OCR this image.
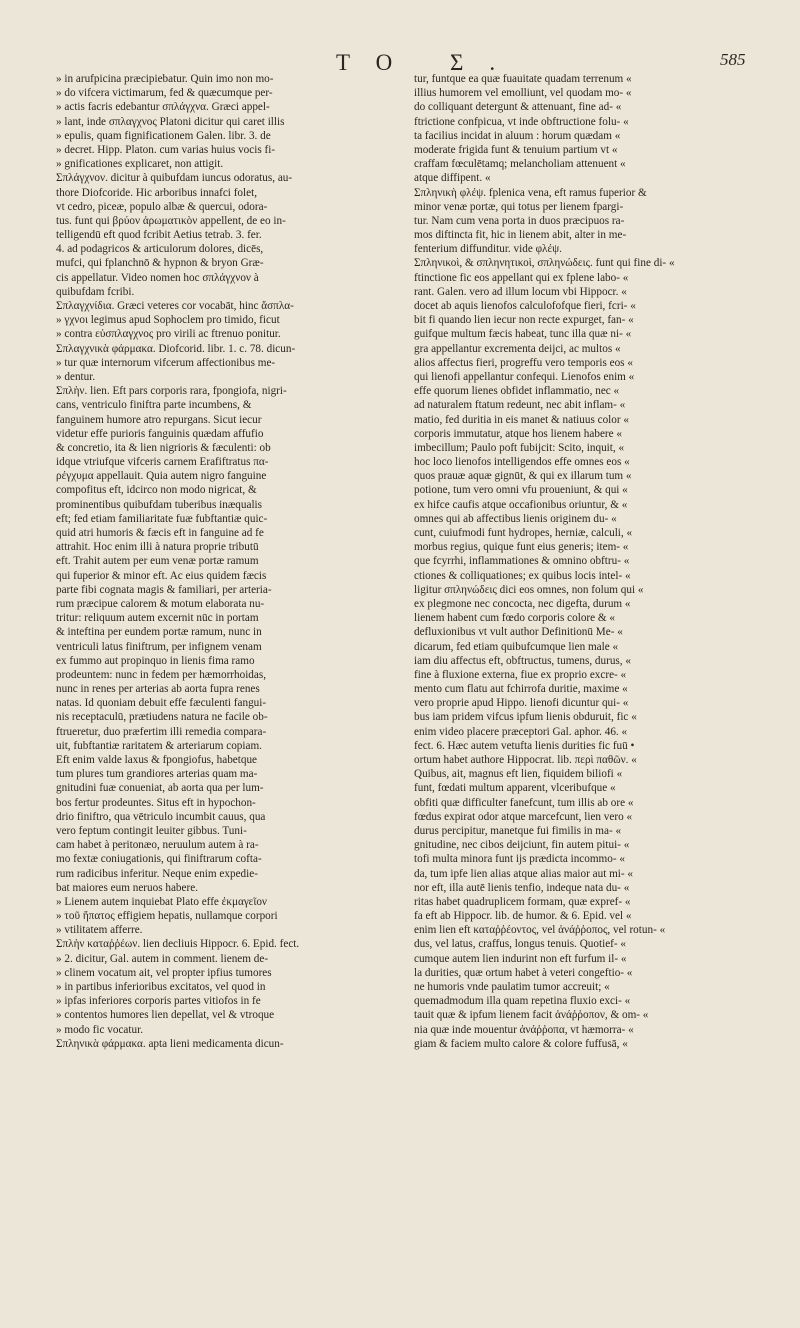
TO Σ.	585
» in arufpicina præcipiebatur. Quin imo non mo-
» do vifcera victimarum, fed & quæcumque per-
» actis facris edebantur σπλάγχνα. Græci appel-
» lant, inde σπλαγχνος Platoni dicitur qui caret illis
» epulis, quam fignificationem Galen. libr. 3. de
» decret. Hipp. Platon. cum varias huius vocis fi-
» gnificationes explicaret, non attigit.
Σπλάγχνον. dicitur à quibufdam iuncus odoratus, au-
thore Diofcoride. Hic arboribus innafci folet,
vt cedro, piceæ, populo albæ & quercui, odora-
tus. funt qui βρύον ἀρωματικὸν appellent, de eo in-
telligendū eft quod fcribit Aetius tetrab. 3. fer.
4. ad podagricos & articulorum dolores, dicēs,
mufci, qui fplanchnō & hypnon & bryon Græ-
cis appellatur. Video nomen hoc σπλάγχνον à
quibufdam fcribi.
Σπλαγχνίδια. Græci veteres cor vocabāt, hinc ἄσπλα-
» γχνοι legimus apud Sophoclem pro timido, ficut
» contra εὐσπλαγχνος pro virili ac ftrenuo ponitur.
Σπλαγχνικὰ φάρμακα. Diofcorid. libr. 1. c. 78. dicun-
» tur quæ internorum vifcerum affectionibus me-
» dentur.
Σπλὴν. lien. Eft pars corporis rara, fpongiofa, nigri-
cans, ventriculo finiftra parte incumbens, &
fanguinem humore atro repurgans. Sicut iecur
videtur effe purioris fanguinis quædam affufio
& concretio, ita & lien nigrioris & fæculenti: ob
idque vtriufque vifceris carnem Erafiftratus πα-
ρέγχυμα appellauit. Quia autem nigro fanguine
compofitus eft, idcirco non modo nigricat, &
prominentibus quibufdam tuberibus inæqualis
eft; fed etiam familiaritate fuæ fubftantiæ quic-
quid atri humoris & fæcis eft in fanguine ad fe
attrahit. Hoc enim illi à natura proprie tributū
eft. Trahit autem per eum venæ portæ ramum
qui fuperior & minor eft. Ac eius quidem fæcis
parte fibi cognata magis & familiari, per arteria-
rum præcipue calorem & motum elaborata nu-
tritur: reliquum autem excernit nūc in portam
& inteftina per eundem portæ ramum, nunc in
ventriculi latus finiftrum, per infignem venam
ex fummo aut propinquo in lienis fima ramo
prodeuntem: nunc in fedem per hæmorrhoidas,
nunc in renes per arterias ab aorta fupra renes
natas. Id quoniam debuit effe fæculenti fangui-
nis receptaculū, prætiudens natura ne facile ob-
ftrueretur, duo præfertim illi remedia compara-
uit, fubftantiæ raritatem & arteriarum copiam.
Eft enim valde laxus & fpongiofus, habetque
tum plures tum grandiores arterias quam ma-
gnitudini fuæ conueniat, ab aorta qua per lum-
bos fertur prodeuntes. Situs eft in hypochon-
drio finiftro, qua vētriculo incumbit cauus, qua
vero feptum contingit leuiter gibbus. Tuni-
cam habet à peritonæo, neruulum autem à ra-
mo fextæ coniugationis, qui finiftrarum cofta-
rum radicibus inferitur. Neque enim expedie-
bat maiores eum neruos habere.
» Lienem autem inquiebat Plato effe ἐκμαγεῖον
» τοῦ ἥπατος effigiem hepatis, nullamque corpori
» vtilitatem afferre.
Σπλὴν καταῤῥέων. lien decliuis Hippocr. 6. Epid. fect.
» 2. dicitur, Gal. autem in comment. lienem de-
» clinem vocatum ait, vel propter ipfius tumores
» in partibus inferioribus excitatos, vel quod in
» ipfas inferiores corporis partes vitiofos in fe
» contentos humores lien depellat, vel & vtroque
» modo fic vocatur.
Σπληνικὰ φάρμακα. apta lieni medicamenta dicun-
tur, funtque ea quæ fuauitate quadam terrenum «
illius humorem vel emolliunt, vel quodam mo- «
do colliquant detergunt & attenuant, fine ad- «
ftrictione confpicua, vt inde obftructione folu- «
ta facilius incidat in aluum : horum quædam «
moderate frigida funt & tenuium partium vt «
craffam fœculētamq; melancholiam attenuent «
atque diffipent. «
Σπληνικὴ φλέψ. fplenica vena, eft ramus fuperior &
minor venæ portæ, qui totus per lienem fpargi-
tur. Nam cum vena porta in duos præcipuos ra-
mos diftincta fit, hic in lienem abit, alter in me-
fenterium diffunditur. vide φλέψ.
Σπληνικοὶ, & σπληνητικοὶ, σπληνώδεις. funt qui fine di- «
ftinctione fic eos appellant qui ex fplene labo- «
rant. Galen. vero ad illum locum vbi Hippocr. «
docet ab aquis lienofos calculofofque fieri, fcri- «
bit fi quando lien iecur non recte expurget, fan- «
guifque multum fæcis habeat, tunc illa quæ ni- «
gra appellantur excrementa deijci, ac multos «
alios affectus fieri, progreffu vero temporis eos «
qui lienofi appellantur confequi. Lienofos enim «
effe quorum lienes obfidet inflammatio, nec «
ad naturalem ftatum redeunt, nec abit inflam- «
matio, fed duritia in eis manet & natiuus color «
corporis immutatur, atque hos lienem habere «
imbecillum; Paulo poft fubijcit: Scito, inquit, «
hoc loco lienofos intelligendos effe omnes eos «
quos prauæ aquæ gignūt, & qui ex illarum tum «
potione, tum vero omni vfu proueniunt, & qui «
ex hifce caufis atque occafionibus oriuntur, & «
omnes qui ab affectibus lienis originem du- «
cunt, cuiufmodi funt hydropes, herniæ, calculi, «
morbus regius, quique funt eius generis; item- «
que fcyrrhi, inflammationes & omnino obftru- «
ctiones & colliquationes; ex quibus locis intel- «
ligitur σπληνώδεις dici eos omnes, non folum qui «
ex plegmone nec concocta, nec digefta, durum «
lienem habent cum fœdo corporis colore & «
defluxionibus vt vult author Definitionū Me- «
dicarum, fed etiam quibufcumque lien male «
iam diu affectus eft, obftructus, tumens, durus, «
fine à fluxione externa, fiue ex proprio excre- «
mento cum flatu aut fchirrofa duritie, maxime «
vero proprie apud Hippo. lienofi dicuntur qui- «
bus iam pridem vifcus ipfum lienis obduruit, fic «
enim video placere præceptori Gal. aphor. 46. «
fect. 6. Hæc autem vetufta lienis durities fic fuū •
ortum habet authore Hippocrat. lib. περὶ παθῶν. «
Quibus, ait, magnus eft lien, fiquidem biliofi «
funt, fœdati multum apparent, vlceribufque «
obfiti quæ difficulter fanefcunt, tum illis ab ore «
fœdus expirat odor atque marcefcunt, lien vero «
durus percipitur, manetque fui fimilis in ma- «
gnitudine, nec cibos deijciunt, fin autem pitui- «
tofi multa minora funt ijs prædicta incommo- «
da, tum ipfe lien alias atque alias maior aut mi- «
nor eft, illa autē lienis tenfio, indeque nata du- «
ritas habet quadruplicem formam, quæ expref- «
fa eft ab Hippocr. lib. de humor. & 6. Epid. vel «
enim lien eft καταῤῥέοντος, vel ἀνάῤῥοπος, vel rotun- «
dus, vel latus, craffus, longus tenuis. Quotief- «
cumque autem lien indurint non eft furfum il- «
la durities, quæ ortum habet à veteri congeftio- «
ne humoris vnde paulatim tumor accreuit; «
quemadmodum illa quam repetina fluxio exci- «
tauit quæ & ipfum lienem facit ἀνάῤῥοπον, & om- «
nia quæ inde mouentur ἀνάῤῥοπα, vt hæmorra- «
giam & faciem multo calore & colore fuffusā, «
